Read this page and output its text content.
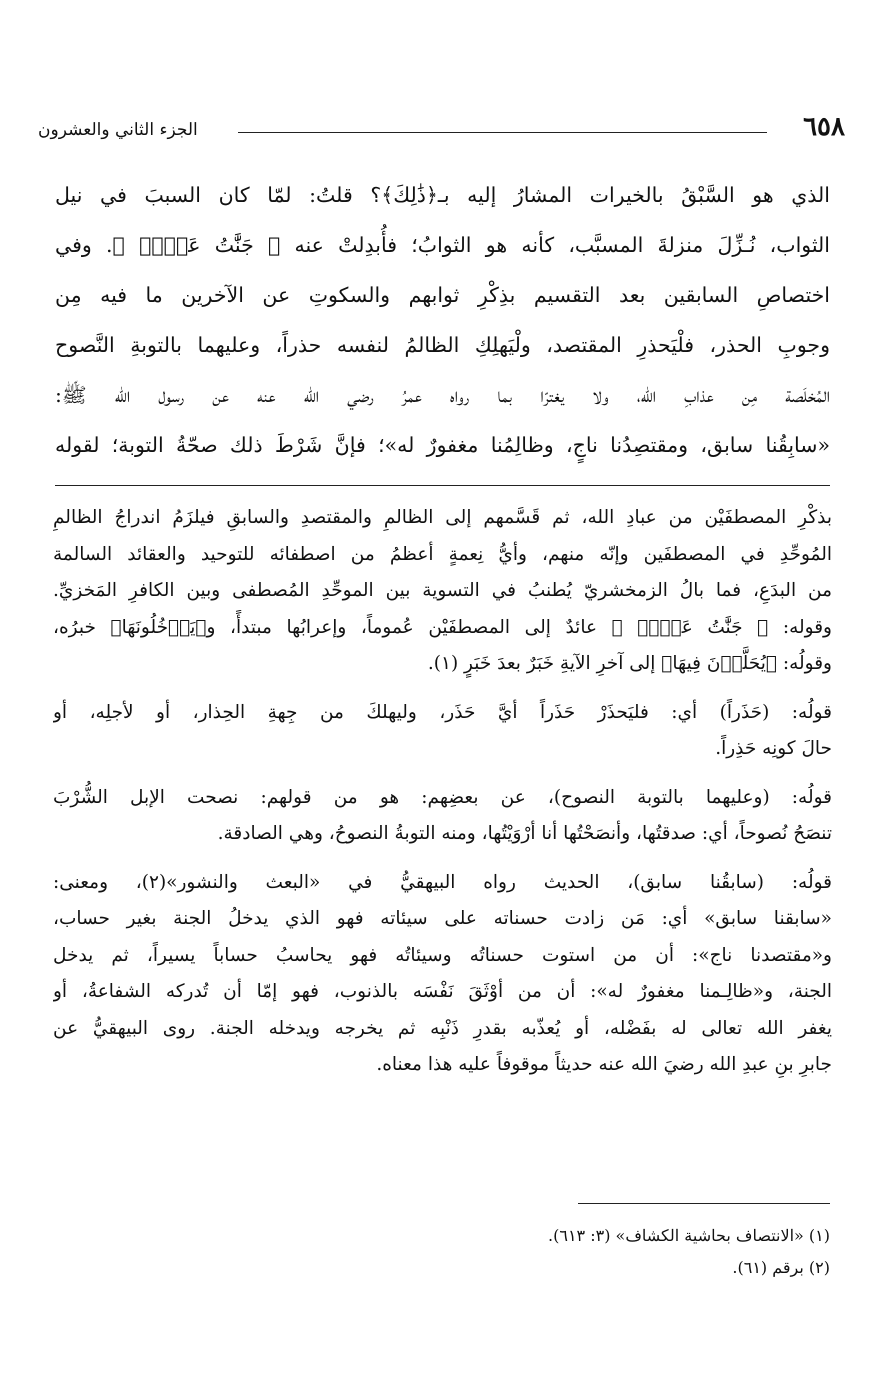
٦٥٨
الجزء الثاني والعشرون
الذي هو السَّبْقُ بالخيرات المشارُ إليه بـ﴿ذَٰلِكَ﴾؟ قلتُ: لمّا كان السببَ في نيل
الثواب، نُـزِّلَ منزلةَ المسبَّب، كأنه هو الثوابُ؛ فأُبدِلتْ عنه ﴿ جَنَّٰتُ عَدۡنٖ ﴾. وفي
اختصاصِ السابقين بعد التقسيم بذِكْرِ ثوابهم والسكوتِ عن الآخرين ما فيه مِن
وجوبِ الحذر، فلْيَحذرِ المقتصد، ولْيَهلِكِ الظالمُ لنفسه حذراً، وعليهما بالتوبةِ النَّصوح
المُخلَصة مِن عذابِ الله، ولا يغترّا بما رواه عمرُ رضي الله عنه عن رسول الله ﷺ:
«سابِقُنا سابق، ومقتصِدُنا ناجٍ، وظالِمُنا مغفورٌ له»؛ فإنَّ شَرْطَ ذلك صحّةُ التوبة؛ لقوله
بذكْرِ المصطفَيْن من عبادِ الله، ثم قَسَّمهم إلى الظالمِ والمقتصدِ والسابقِ فيلزَمُ اندراجُ الظالمِ
المُوحِّدِ في المصطفَين وإنّه منهم، وأيُّ نِعمةٍ أعظمُ من اصطفائه للتوحيد والعقائد السالمة
من البدَعِ، فما بالُ الزمخشريّ يُطنبُ في التسوية بين الموحِّدِ المُصطفى وبين الكافرِ المَخزيِّ.
وقوله: ﴿ جَنَّٰتُ عَدۡنٖ ﴾ عائدٌ إلى المصطفَيْن عُموماً، وإعرابُها مبتدأً، و﴿يَدۡخُلُونَهَا﴾ خبرُه،
وقولُه: ﴿يُحَلَّوۡنَ فِيهَا﴾ إلى آخرِ الآيةِ خَبَرٌ بعدَ خَبَرٍ (١).
قولُه: (حَذَراً) أي: فليَحذَرْ حَذَراً أيَّ حَذَر، وليهلكَ من جِهةِ الحِذار، أو لأجلِه، أو
حالَ كونِه حَذِراً.
قولُه: (وعليهما بالتوبة النصوح)، عن بعضِهم: هو من قولهم: نصحت الإبل الشُّرْبَ
تنصَحُ نُصوحاً، أي: صدقتُها، وأنصَحْتُها أنا أرْوَيْتُها، ومنه التوبةُ النصوحُ، وهي الصادقة.
قولُه: (سابقُنا سابق)، الحديث رواه البيهقيُّ في «البعث والنشور»(٢)، ومعنى:
«سابقنا سابق» أي: مَن زادت حسناته على سيئاته فهو الذي يدخلُ الجنة بغير حساب،
و«مقتصدنا ناج»: أن من استوت حسناتُه وسيئاتُه فهو يحاسبُ حساباً يسيراً، ثم يدخل
الجنة، و«ظالِـمنا مغفورٌ له»: أن من أوْثَقَ نَفْسَه بالذنوب، فهو إمّا أن تُدركه الشفاعةُ، أو
يغفر الله تعالى له بفَضْله، أو يُعذّبه بقدرِ ذَنْبِه ثم يخرجه ويدخله الجنة. روى البيهقيُّ عن
جابرِ بنِ عبدِ الله رضيَ الله عنه حديثاً موقوفاً عليه هذا معناه.
(١) «الانتصاف بحاشية الكشاف» (٣: ٦١٣).
(٢) برقم (٦١).
